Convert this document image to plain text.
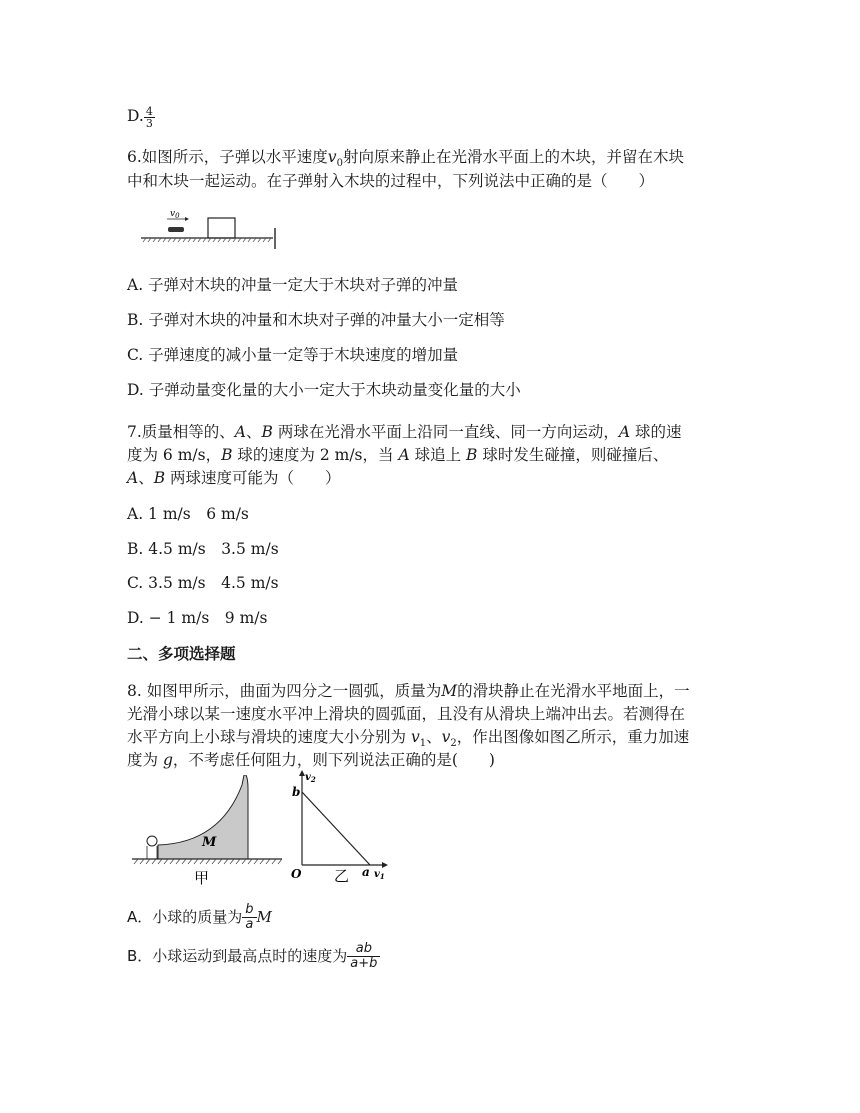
D. $\frac{4}{3}$
6.如图所示，子弹以水平速度$v_0$射向原来静止在光滑水平面上的木块，并留在木块
中和木块一起运动。在子弹射入木块的过程中，下列说法中正确的是（　　）
$v_0$
A. 子弹对木块的冲量一定大于木块对子弹的冲量
B. 子弹对木块的冲量和木块对子弹的冲量大小一定相等
C. 子弹速度的减小量一定等于木块速度的增加量
D. 子弹动量变化量的大小一定大于木块动量变化量的大小
7.质量相等的、A、B 两球在光滑水平面上沿同一直线、同一方向运动，A 球的速
度为 6 m/s，B 球的速度为 2 m/s，当 A 球追上 B 球时发生碰撞，则碰撞后、
A、B 两球速度可能为（　　）
A. 1 m/s　6 m/s
B. 4.5 m/s　3.5 m/s
C. 3.5 m/s　4.5 m/s
D. − 1 m/s　9 m/s
二、多项选择题
8. 如图甲所示，曲面为四分之一圆弧，质量为M的滑块静止在光滑水平地面上，一
光滑小球以某一速度水平冲上滑块的圆弧面，且没有从滑块上端冲出去。若测得在
水平方向上小球与滑块的速度大小分别为 $v_1$、$v_2$，作出图像如图乙所示，重力加速
度为 g，不考虑任何阻力，则下列说法正确的是(　　)
M
甲
$v_2$
$v_1$
O
b
a
乙
A．小球的质量为 $\frac{b}{a}$ M
B．小球运动到最高点时的速度为 $\frac{ab}{a+b}$
